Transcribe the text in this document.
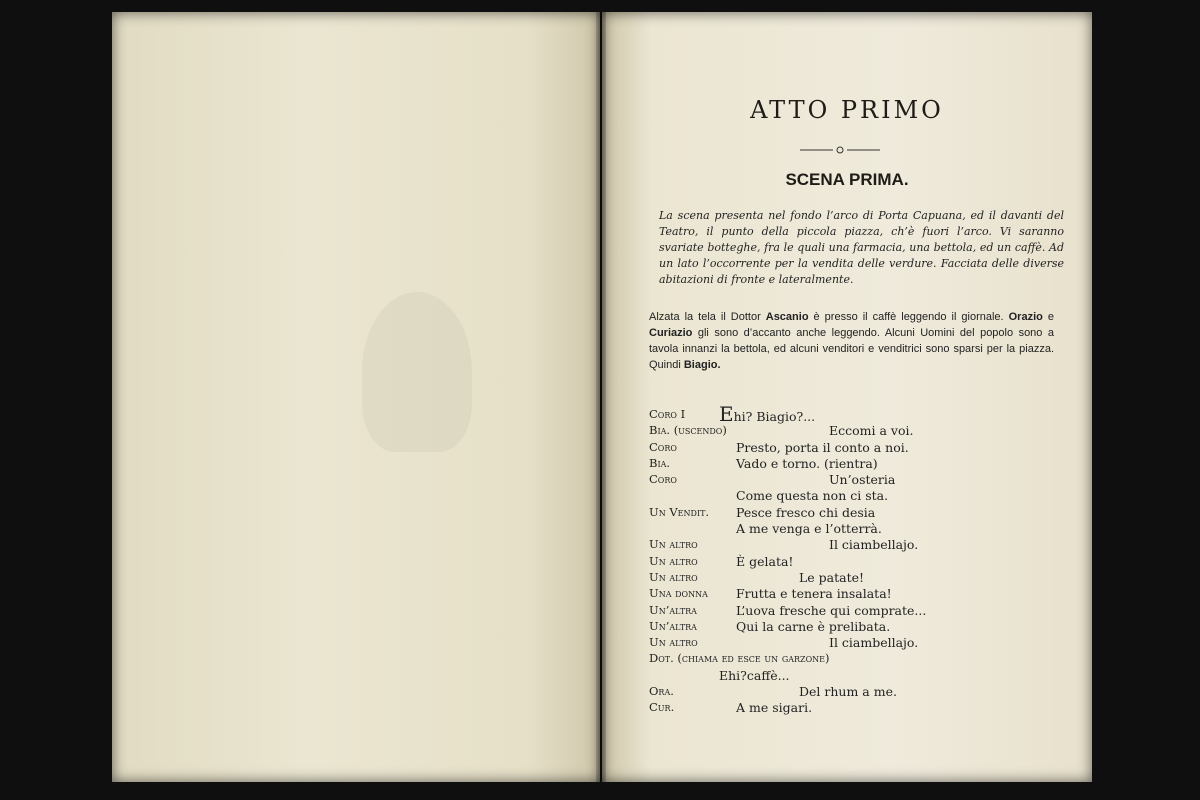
ATTO PRIMO
SCENA PRIMA.
La scena presenta nel fondo l’arco di Porta Capuana, ed il davanti del Teatro, il punto della piccola piazza, ch’è fuori l’arco. Vi saranno svariate botteghe, fra le quali una farmacia, una bettola, ed un caffè. Ad un lato l’occorrente per la vendita delle verdure. Facciata delle diverse abitazioni di fronte e lateralmente.
Alzata la tela il Dottor Ascanio è presso il caffè leggendo il giornale. Orazio e Curiazio gli sono d’accanto anche leggendo. Alcuni Uomini del popolo sono a tavola innanzi la bettola, ed alcuni venditori e venditrici sono sparsi per la piazza. Quindi Biagio.
Coro I Ehi? Biagio?...
Bia. (uscendo)	Eccomi a voi.
Coro	Presto, porta il conto a noi.
Bia.	Vado e torno. (rientra)
Coro	Un’osteria
Come questa non ci sta.
Un Vendit. Pesce fresco chi desia
A me venga e l’otterrà.
Un altro	Il ciambellajo.
Un altro	È gelata!
Un altro	Le patate!
Una donna Frutta e tenera insalata!
Un’altra	L’uova fresche qui comprate...
Un’altra	Qui la carne è prelibata.
Un altro	Il ciambellajo.
Dot. (chiama ed esce un garzone)
Ehi?caffè...
Ora.	Del rhum a me.
Cur.	A me sigari.
